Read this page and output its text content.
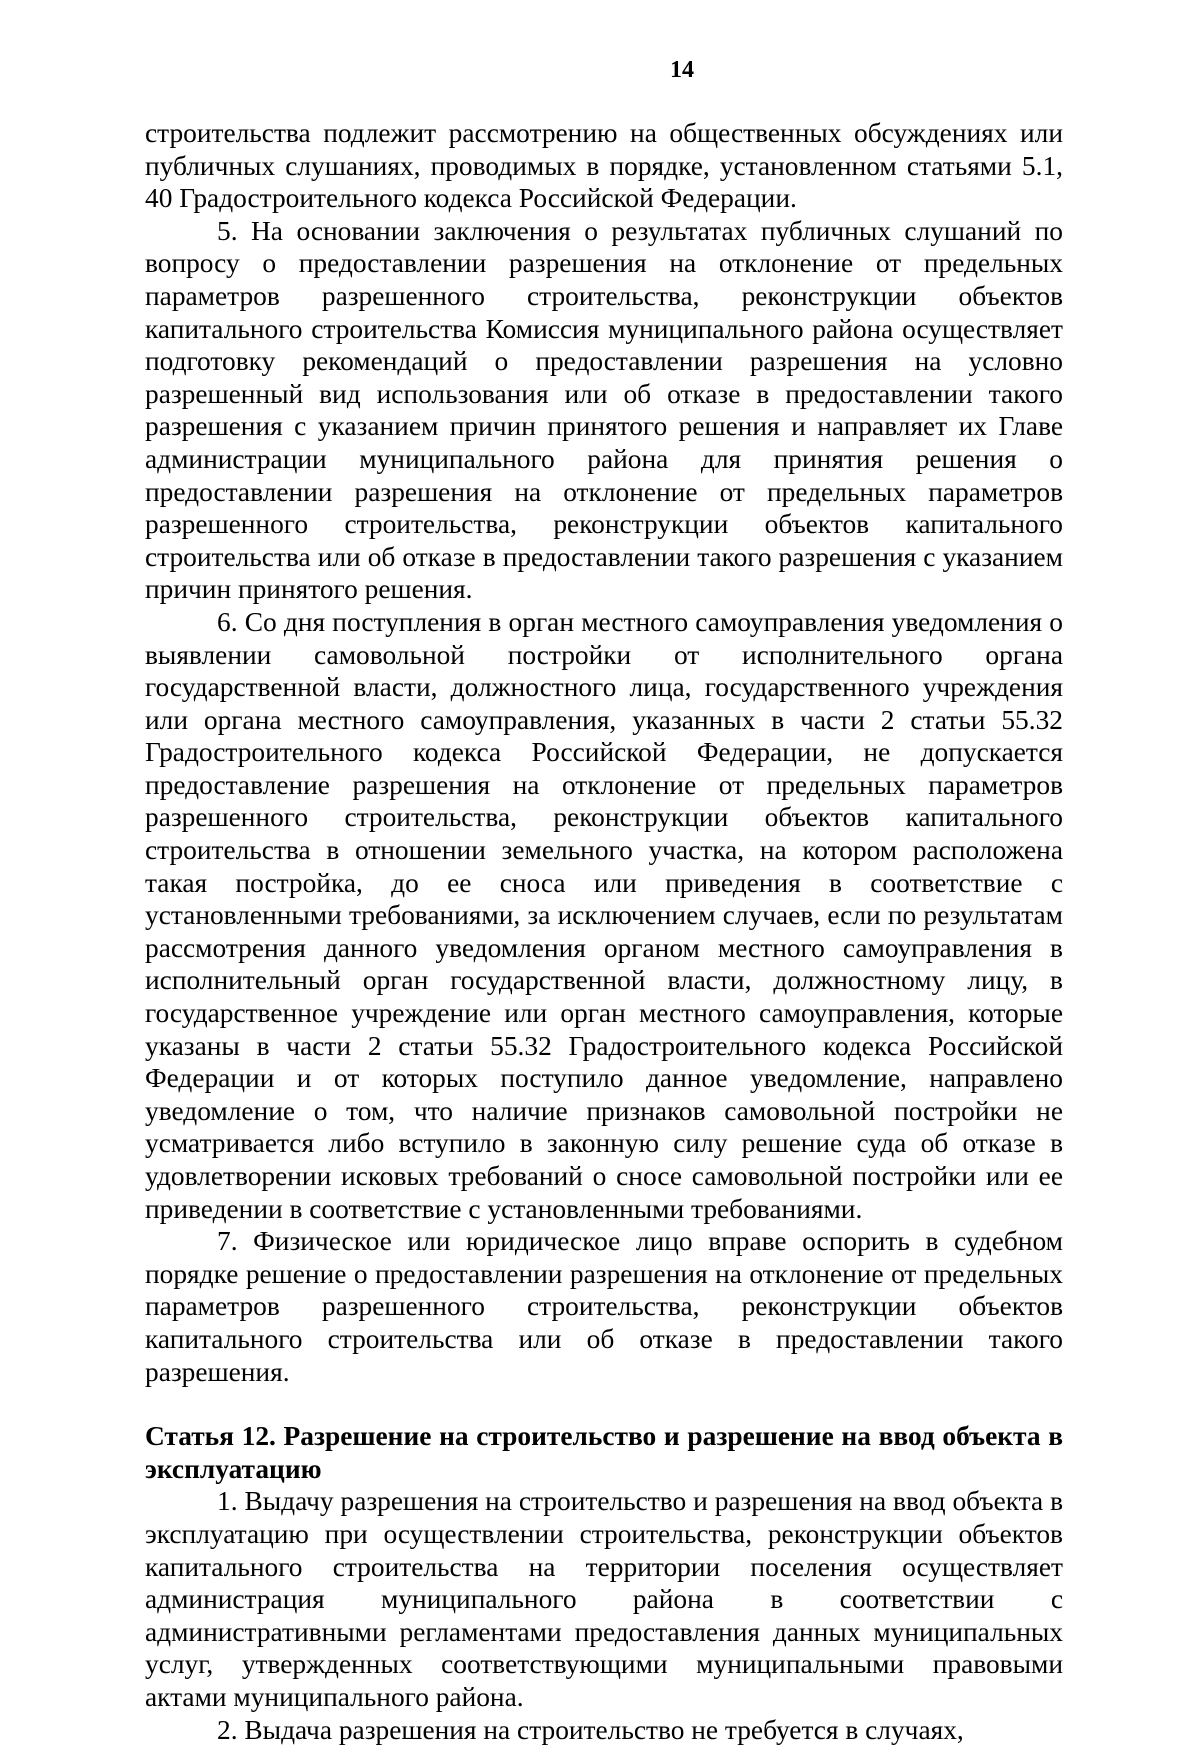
14

строительства подлежит рассмотрению на общественных обсуждениях или публичных слушаниях, проводимых в порядке, установленном статьями 5.1, 40 Градостроительного кодекса Российской Федерации.

5. На основании заключения о результатах публичных слушаний по вопросу о предоставлении разрешения на отклонение от предельных параметров разрешенного строительства, реконструкции объектов капитального строительства Комиссия муниципального района осуществляет подготовку рекомендаций о предоставлении разрешения на условно разрешенный вид использования или об отказе в предоставлении такого разрешения с указанием причин принятого решения и направляет их Главе администрации муниципального района для принятия решения о предоставлении разрешения на отклонение от предельных параметров разрешенного строительства, реконструкции объектов капитального строительства или об отказе в предоставлении такого разрешения с указанием причин принятого решения.

6. Со дня поступления в орган местного самоуправления уведомления о выявлении самовольной постройки от исполнительного органа государственной власти, должностного лица, государственного учреждения или органа местного самоуправления, указанных в части 2 статьи 55.32 Градостроительного кодекса Российской Федерации, не допускается предоставление разрешения на отклонение от предельных параметров разрешенного строительства, реконструкции объектов капитального строительства в отношении земельного участка, на котором расположена такая постройка, до ее сноса или приведения в соответствие с установленными требованиями, за исключением случаев, если по результатам рассмотрения данного уведомления органом местного самоуправления в исполнительный орган государственной власти, должностному лицу, в государственное учреждение или орган местного самоуправления, которые указаны в части 2 статьи 55.32 Градостроительного кодекса Российской Федерации и от которых поступило данное уведомление, направлено уведомление о том, что наличие признаков самовольной постройки не усматривается либо вступило в законную силу решение суда об отказе в удовлетворении исковых требований о сносе самовольной постройки или ее приведении в соответствие с установленными требованиями.

7. Физическое или юридическое лицо вправе оспорить в судебном порядке решение о предоставлении разрешения на отклонение от предельных параметров разрешенного строительства, реконструкции объектов капитального строительства или об отказе в предоставлении такого разрешения.

Статья 12. Разрешение на строительство и разрешение на ввод объекта в эксплуатацию

1. Выдачу разрешения на строительство и разрешения на ввод объекта в эксплуатацию при осуществлении строительства, реконструкции объектов капитального строительства на территории поселения осуществляет администрация муниципального района в соответствии с административными регламентами предоставления данных муниципальных услуг, утвержденных соответствующими муниципальными правовыми актами муниципального района.

2. Выдача разрешения на строительство не требуется в случаях,
